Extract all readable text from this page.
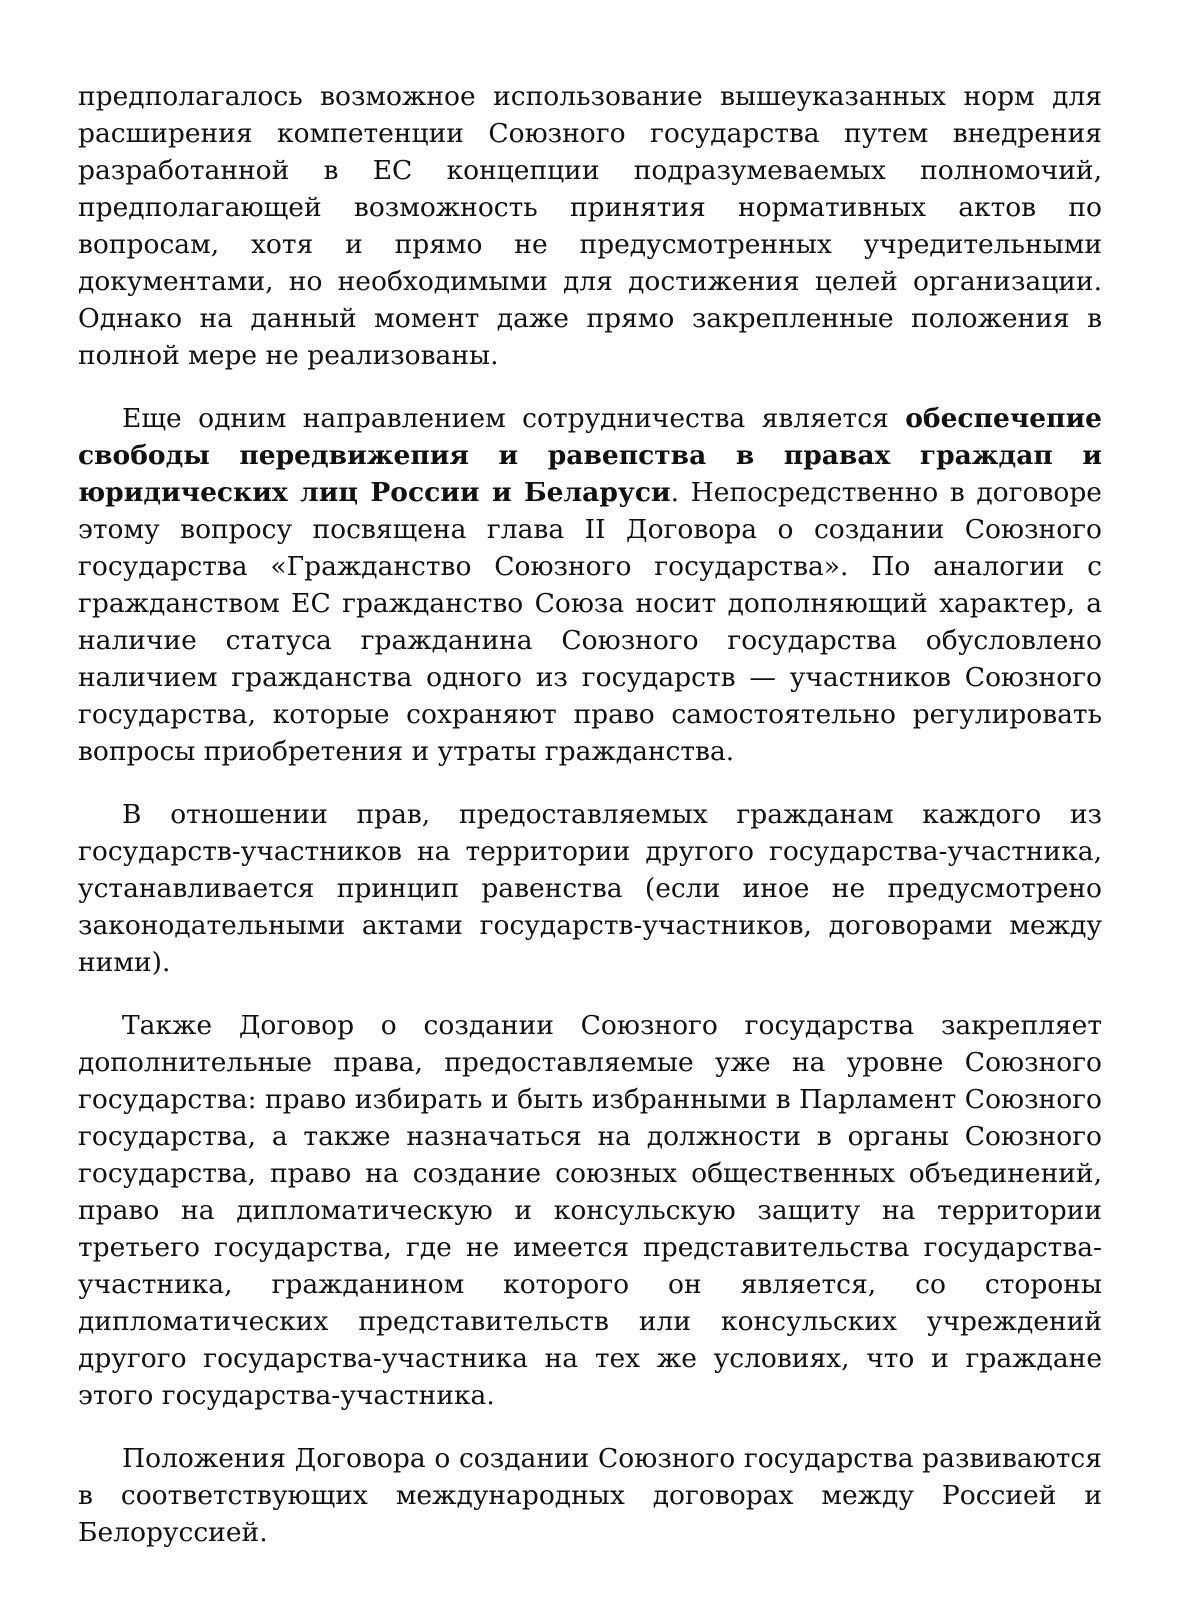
предполагалось возможное использование вышеуказанных норм для расширения компетенции Союзного государства путем внедрения разработанной в ЕС концепции подразумеваемых полномочий, предполагающей возможность принятия нормативных актов по вопросам, хотя и прямо не предусмотренных учредительными документами, но необходимыми для достижения целей организации. Однако на данный момент даже прямо закрепленные положения в полной мере не реализованы.

Еще одним направлением сотрудничества является обеспечепие свободы передвижепия и равепства в правах граждап и юридических лиц России и Беларуси. Непосредственно в договоре этому вопросу посвящена глава II Договора о создании Союзного государства «Гражданство Союзного государства». По аналогии с гражданством ЕС гражданство Союза носит дополняющий характер, а наличие статуса гражданина Союзного государства обусловлено наличием гражданства одного из государств — участников Союзного государства, которые сохраняют право самостоятельно регулировать вопросы приобретения и утраты гражданства.

В отношении прав, предоставляемых гражданам каждого из государств-участников на территории другого государства-участника, устанавливается принцип равенства (если иное не предусмотрено законодательными актами государств-участников, договорами между ними).

Также Договор о создании Союзного государства закрепляет дополнительные права, предоставляемые уже на уровне Союзного государства: право избирать и быть избранными в Парламент Союзного государства, а также назначаться на должности в органы Союзного государства, право на создание союзных общественных объединений, право на дипломатическую и консульскую защиту на территории третьего государства, где не имеется представительства государства-участника, гражданином которого он является, со стороны дипломатических представительств или консульских учреждений другого государства-участника на тех же условиях, что и граждане этого государства-участника.

Положения Договора о создании Союзного государства развиваются в соответствующих международных договорах между Россией и Белоруссией.
